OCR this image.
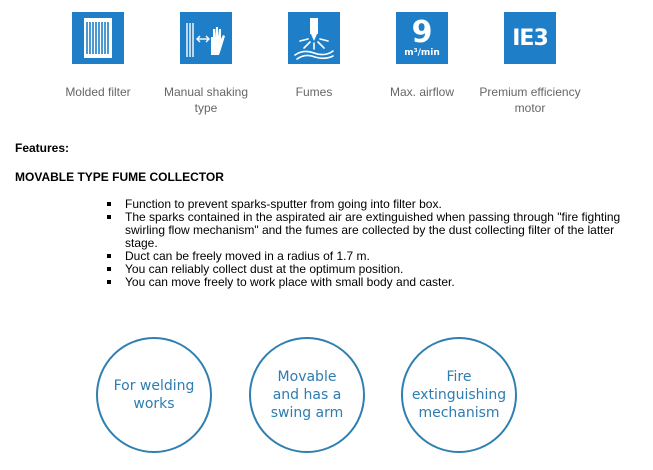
Molded filter	Manual shaking type
Fumes
9
m³/min
Max. airflow
IE3
Premium efficiency motor
Features:
MOVABLE TYPE FUME COLLECTOR
Function to prevent sparks-sputter from going into filter box.
The sparks contained in the aspirated air are extinguished when passing through "fire fighting swirling flow mechanism" and the fumes are collected by the dust collecting filter of the latter stage.
Duct can be freely moved in a radius of 1.7 m.
You can reliably collect dust at the optimum position.
You can move freely to work place with small body and caster.
For welding works
Movable and has a swing arm
Fire extinguishing mechanism
